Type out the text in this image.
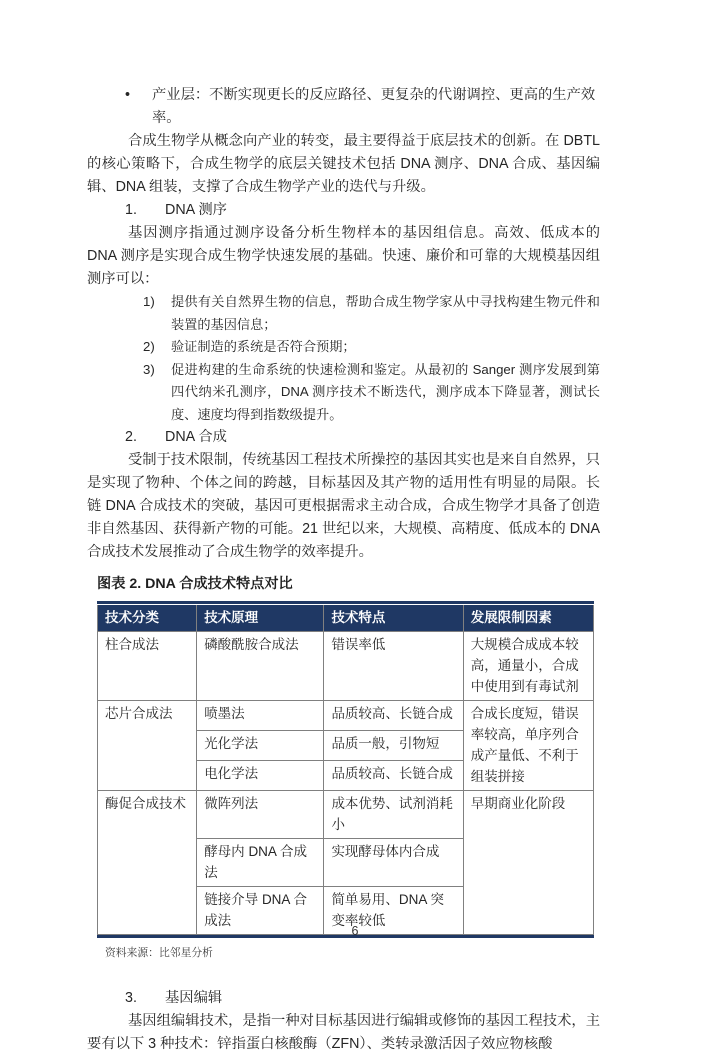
•	产业层：不断实现更长的反应路径、更复杂的代谢调控、更高的生产效率。

合成生物学从概念向产业的转变，最主要得益于底层技术的创新。在 DBTL 的核心策略下，合成生物学的底层关键技术包括 DNA 测序、DNA 合成、基因编辑、DNA 组装，支撑了合成生物学产业的迭代与升级。

1. DNA 测序

基因测序指通过测序设备分析生物样本的基因组信息。高效、低成本的 DNA 测序是实现合成生物学快速发展的基础。快速、廉价和可靠的大规模基因组测序可以：

1)	提供有关自然界生物的信息，帮助合成生物学家从中寻找构建生物元件和装置的基因信息；
2)	验证制造的系统是否符合预期；
3)	促进构建的生命系统的快速检测和鉴定。从最初的 Sanger 测序发展到第四代纳米孔测序，DNA 测序技术不断迭代，测序成本下降显著，测试长度、速度均得到指数级提升。
2. DNA 合成

受制于技术限制，传统基因工程技术所操控的基因其实也是来自自然界，只是实现了物种、个体之间的跨越，目标基因及其产物的适用性有明显的局限。长链 DNA 合成技术的突破，基因可更根据需求主动合成，合成生物学才具备了创造非自然基因、获得新产物的可能。21 世纪以来，大规模、高精度、低成本的 DNA 合成技术发展推动了合成生物学的效率提升。

图表 2. DNA 合成技术特点对比

技术分类	技术原理	技术特点	发展限制因素
柱合成法	磷酸酰胺合成法	错误率低	大规模合成成本较高，通量小，合成中使用到有毒试剂
芯片合成法	喷墨法	品质较高、长链合成	合成长度短，错误率较高，单序列合成产量低、不利于组装拼接
	光化学法	品质一般，引物短	
	电化学法	品质较高、长链合成	
酶促合成技术	微阵列法	成本优势、试剂消耗小	早期商业化阶段
	酵母内 DNA 合成法	实现酵母体内合成	
	链接介导 DNA 合成法	简单易用、DNA 突变率较低	

资料来源：比邻星分析

3. 基因编辑

基因组编辑技术，是指一种对目标基因进行编辑或修饰的基因工程技术，主要有以下 3 种技术：锌指蛋白核酸酶（ZFN）、类转录激活因子效应物核酸

6
